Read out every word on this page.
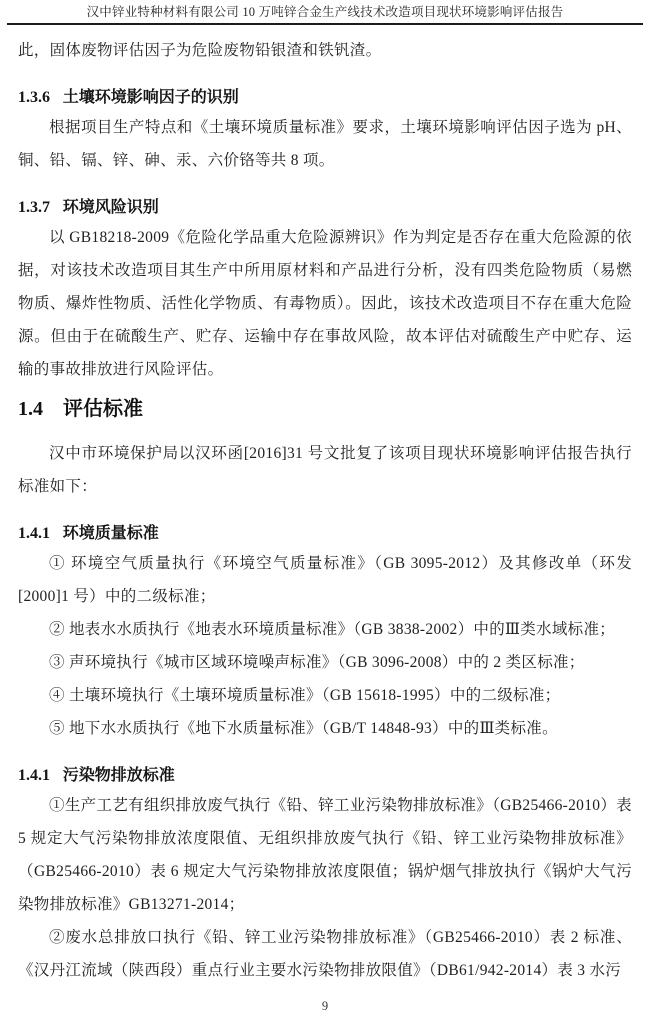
汉中锌业特种材料有限公司 10 万吨锌合金生产线技术改造项目现状环境影响评估报告

此，固体废物评估因子为危险废物铅银渣和铁钒渣。

1.3.6 土壤环境影响因子的识别

根据项目生产特点和《土壤环境质量标准》要求，土壤环境影响评估因子选为 pH、铜、铅、镉、锌、砷、汞、六价铬等共 8 项。

1.3.7 环境风险识别

以 GB18218-2009《危险化学品重大危险源辨识》作为判定是否存在重大危险源的依据，对该技术改造项目其生产中所用原材料和产品进行分析，没有四类危险物质（易燃物质、爆炸性物质、活性化学物质、有毒物质）。因此，该技术改造项目不存在重大危险源。但由于在硫酸生产、贮存、运输中存在事故风险，故本评估对硫酸生产中贮存、运输的事故排放进行风险评估。

1.4 评估标准

汉中市环境保护局以汉环函[2016]31 号文批复了该项目现状环境影响评估报告执行标准如下：

1.4.1 环境质量标准

① 环境空气质量执行《环境空气质量标准》（GB 3095-2012）及其修改单（环发[2000]1 号）中的二级标准；

② 地表水水质执行《地表水环境质量标准》（GB 3838-2002）中的Ⅲ类水域标准；

③ 声环境执行《城市区域环境噪声标准》（GB 3096-2008）中的 2 类区标准；

④ 土壤环境执行《土壤环境质量标准》（GB 15618-1995）中的二级标准；

⑤ 地下水水质执行《地下水质量标准》（GB/T 14848-93）中的Ⅲ类标准。

1.4.1 污染物排放标准

①生产工艺有组织排放废气执行《铅、锌工业污染物排放标准》（GB25466-2010）表 5 规定大气污染物排放浓度限值、无组织排放废气执行《铅、锌工业污染物排放标准》（GB25466-2010）表 6 规定大气污染物排放浓度限值；锅炉烟气排放执行《锅炉大气污染物排放标准》GB13271-2014；

②废水总排放口执行《铅、锌工业污染物排放标准》（GB25466-2010）表 2 标准、《汉丹江流域（陕西段）重点行业主要水污染物排放限值》（DB61/942-2014）表 3 水污

9
